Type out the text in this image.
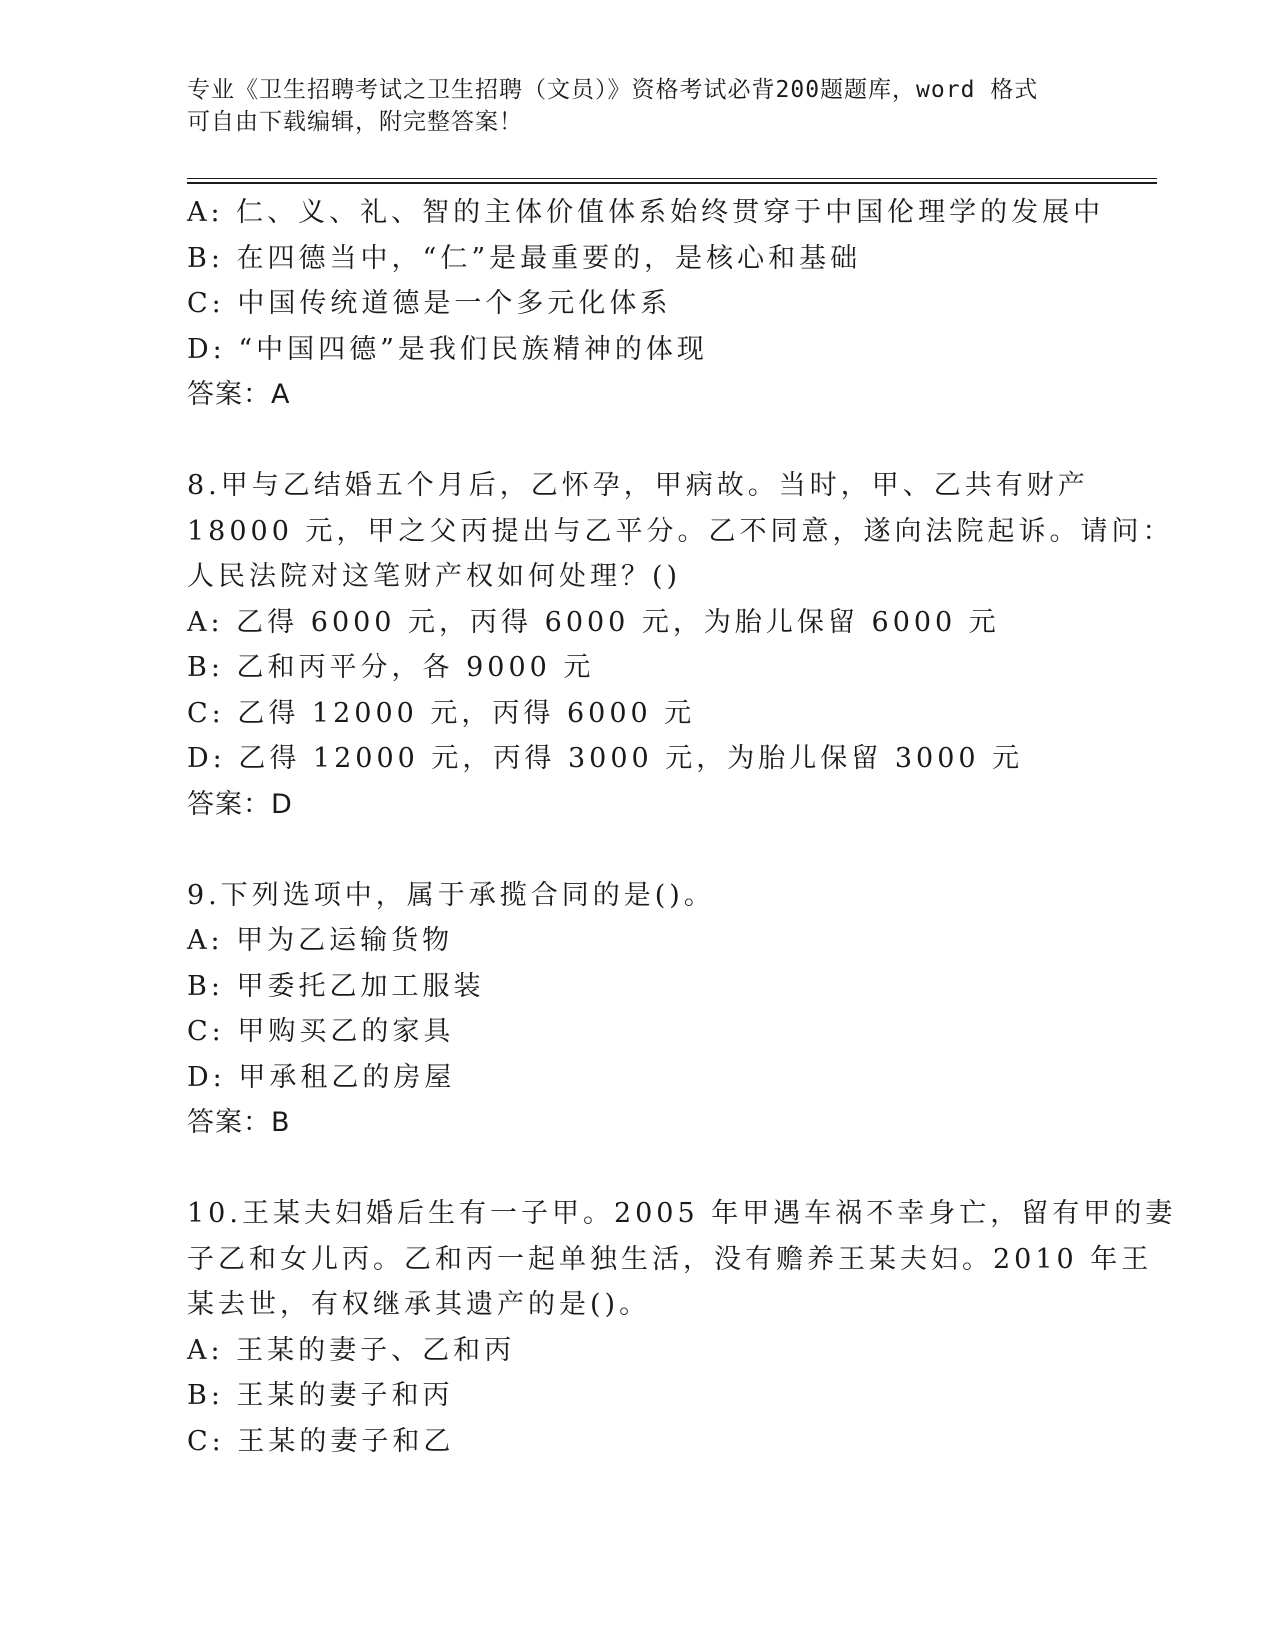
专业《卫生招聘考试之卫生招聘（文员）》资格考试必背200题题库，word 格式
可自由下载编辑，附完整答案！
A: 仁、义、礼、智的主体价值体系始终贯穿于中国伦理学的发展中
B: 在四德当中，“仁”是最重要的，是核心和基础
C: 中国传统道德是一个多元化体系
D: “中国四德”是我们民族精神的体现
答案：A
8.甲与乙结婚五个月后，乙怀孕，甲病故。当时，甲、乙共有财产
18000 元，甲之父丙提出与乙平分。乙不同意，遂向法院起诉。请问：
人民法院对这笔财产权如何处理？()
A: 乙得 6000 元，丙得 6000 元，为胎儿保留 6000 元
B: 乙和丙平分，各 9000 元
C: 乙得 12000 元，丙得 6000 元
D: 乙得 12000 元，丙得 3000 元，为胎儿保留 3000 元
答案：D
9.下列选项中，属于承揽合同的是()。
A: 甲为乙运输货物
B: 甲委托乙加工服装
C: 甲购买乙的家具
D: 甲承租乙的房屋
答案：B
10.王某夫妇婚后生有一子甲。2005 年甲遇车祸不幸身亡，留有甲的妻
子乙和女儿丙。乙和丙一起单独生活，没有赡养王某夫妇。2010 年王
某去世，有权继承其遗产的是()。
A: 王某的妻子、乙和丙
B: 王某的妻子和丙
C: 王某的妻子和乙
